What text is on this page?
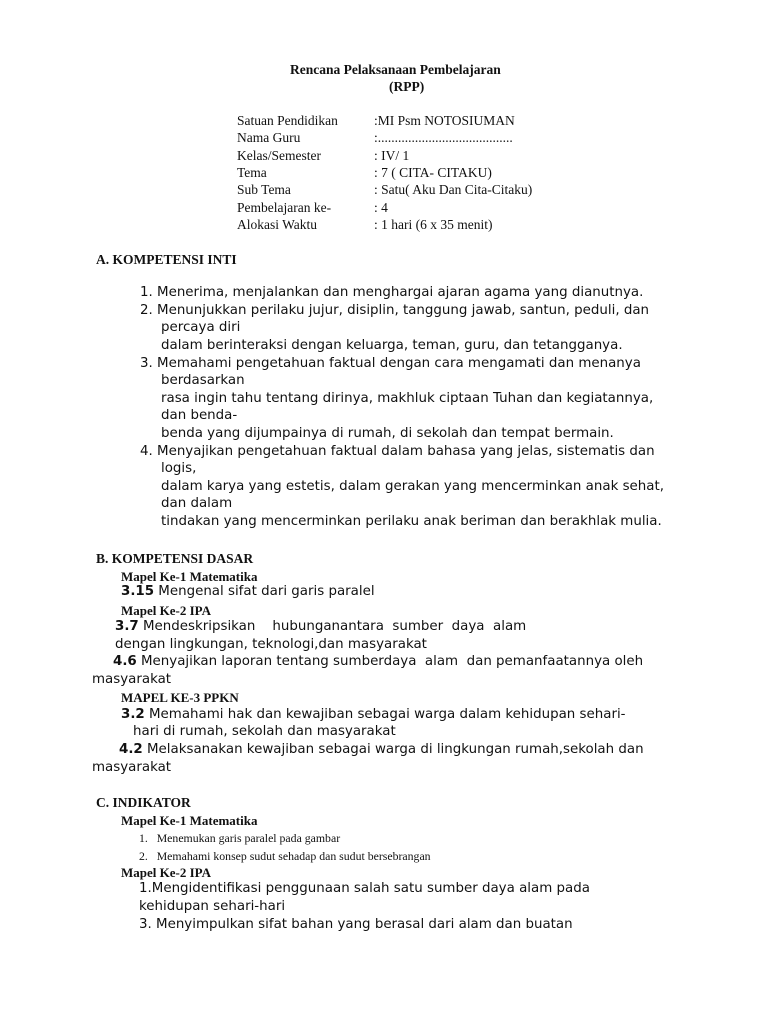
Rencana Pelaksanaan Pembelajaran
(RPP)
Satuan Pendidikan	:MI Psm NOTOSIUMAN
Nama Guru	:........................................
Kelas/Semester	: IV/ 1
Tema	: 7 ( CITA- CITAKU)
Sub Tema	: Satu( Aku Dan Cita-Citaku)
Pembelajaran ke-	: 4
Alokasi Waktu	: 1 hari (6 x 35 menit)
A. KOMPETENSI INTI
1. Menerima, menjalankan dan menghargai ajaran agama yang dianutnya.
2. Menunjukkan perilaku jujur, disiplin, tanggung jawab, santun, peduli, dan
percaya diri
dalam berinteraksi dengan keluarga, teman, guru, dan tetangganya.
3. Memahami pengetahuan faktual dengan cara mengamati dan menanya
berdasarkan
rasa ingin tahu tentang dirinya, makhluk ciptaan Tuhan dan kegiatannya,
dan benda-
benda yang dijumpainya di rumah, di sekolah dan tempat bermain.
4. Menyajikan pengetahuan faktual dalam bahasa yang jelas, sistematis dan
logis,
dalam karya yang estetis, dalam gerakan yang mencerminkan anak sehat,
dan dalam
tindakan yang mencerminkan perilaku anak beriman dan berakhlak mulia.
B. KOMPETENSI DASAR
Mapel Ke-1 Matematika
3.15 Mengenal sifat dari garis paralel
Mapel Ke-2 IPA
3.7 Mendeskripsikan    hubunganantara  sumber  daya  alam
dengan lingkungan, teknologi,dan masyarakat
4.6 Menyajikan laporan tentang sumberdaya  alam  dan pemanfaatannya oleh
masyarakat
MAPEL KE-3 PPKN
3.2 Memahami hak dan kewajiban sebagai warga dalam kehidupan sehari-
hari di rumah, sekolah dan masyarakat
4.2 Melaksanakan kewajiban sebagai warga di lingkungan rumah,sekolah dan
masyarakat
C. INDIKATOR
Mapel Ke-1 Matematika
1.   Menemukan garis paralel pada gambar
2.   Memahami konsep sudut sehadap dan sudut bersebrangan
Mapel Ke-2 IPA
1.Mengidentifikasi penggunaan salah satu sumber daya alam pada
kehidupan sehari-hari
3. Menyimpulkan sifat bahan yang berasal dari alam dan buatan
